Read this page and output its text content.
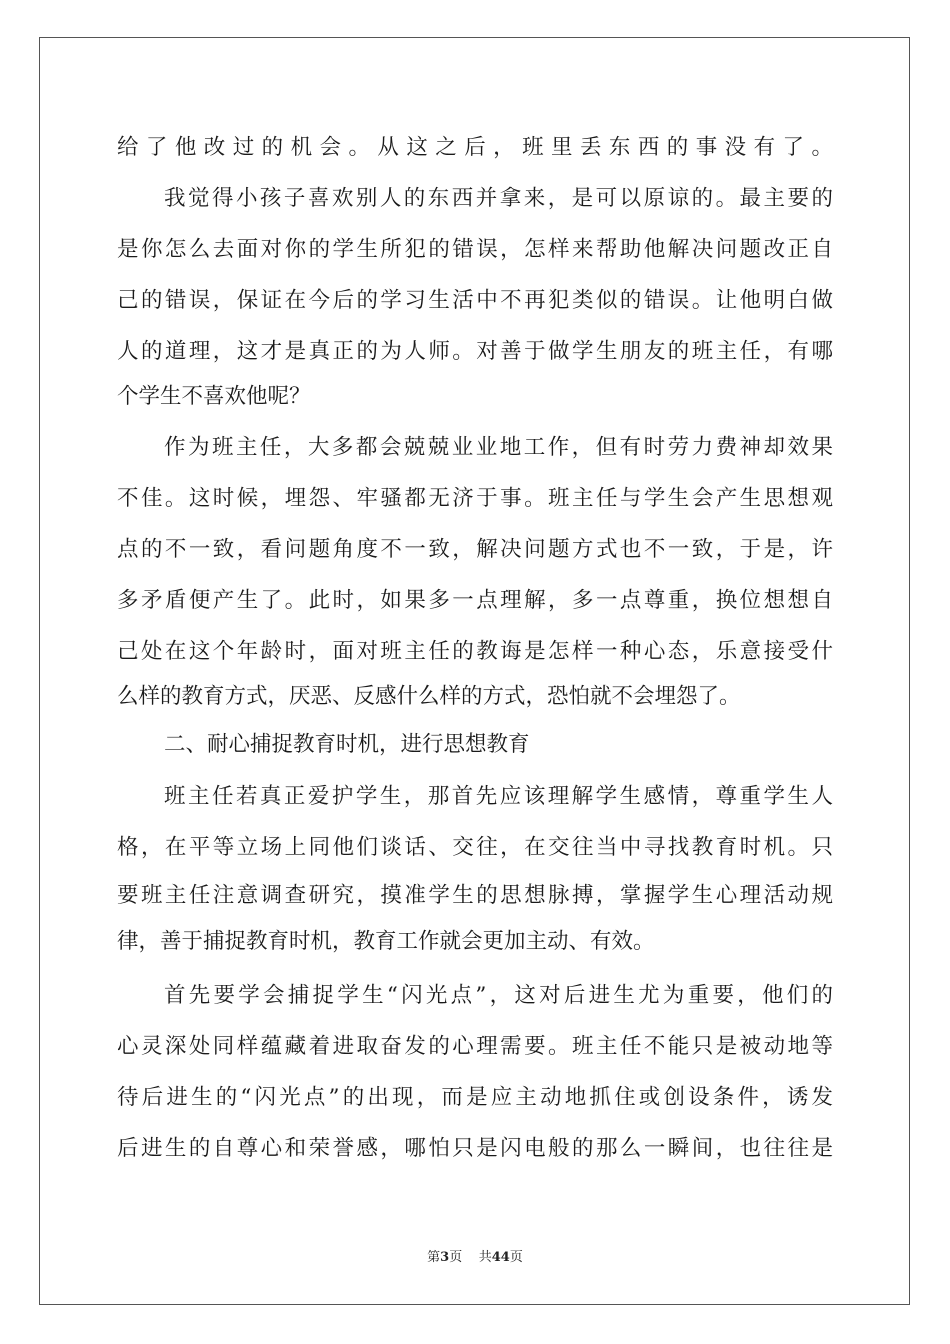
给了他改过的机会。从这之后，班里丢东西的事没有了。
我觉得小孩子喜欢别人的东西并拿来，是可以原谅的。最主要的
是你怎么去面对你的学生所犯的错误，怎样来帮助他解决问题改正自
己的错误，保证在今后的学习生活中不再犯类似的错误。让他明白做
人的道理，这才是真正的为人师。对善于做学生朋友的班主任，有哪
个学生不喜欢他呢？
作为班主任，大多都会兢兢业业地工作，但有时劳力费神却效果
不佳。这时候，埋怨、牢骚都无济于事。班主任与学生会产生思想观
点的不一致，看问题角度不一致，解决问题方式也不一致，于是，许
多矛盾便产生了。此时，如果多一点理解，多一点尊重，换位想想自
己处在这个年龄时，面对班主任的教诲是怎样一种心态，乐意接受什
么样的教育方式，厌恶、反感什么样的方式，恐怕就不会埋怨了。
二、耐心捕捉教育时机，进行思想教育
班主任若真正爱护学生，那首先应该理解学生感情，尊重学生人
格，在平等立场上同他们谈话、交往，在交往当中寻找教育时机。只
要班主任注意调查研究，摸准学生的思想脉搏，掌握学生心理活动规
律，善于捕捉教育时机，教育工作就会更加主动、有效。
首先要学会捕捉学生“闪光点”，这对后进生尤为重要，他们的
心灵深处同样蕴藏着进取奋发的心理需要。班主任不能只是被动地等
待后进生的“闪光点”的出现，而是应主动地抓住或创设条件，诱发
后进生的自尊心和荣誉感，哪怕只是闪电般的那么一瞬间，也往往是
第3页    共44页
